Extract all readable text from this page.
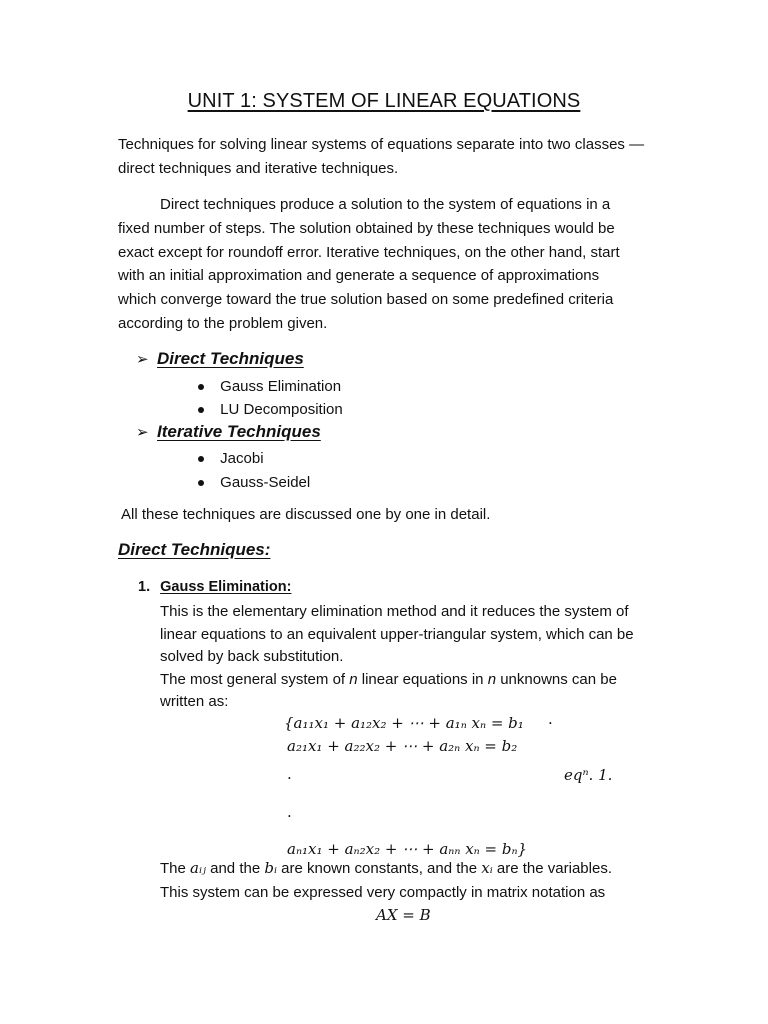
UNIT 1: SYSTEM OF LINEAR EQUATIONS
Techniques for solving linear systems of equations separate into two classes —
direct techniques and iterative techniques.
Direct techniques produce a solution to the system of equations in a
fixed number of steps. The solution obtained by these techniques would be
exact except for roundoff error. Iterative techniques, on the other hand, start
with an initial approximation and generate a sequence of approximations
which converge toward the true solution based on some predefined criteria
according to the problem given.
➢ Direct Techniques
Gauss Elimination
LU Decomposition
➢ Iterative Techniques
Jacobi
Gauss-Seidel
All these techniques are discussed one by one in detail.
Direct Techniques:
1. Gauss Elimination:
This is the elementary elimination method and it reduces the system of
linear equations to an equivalent upper-triangular system, which can be
solved by back substitution.
The most general system of n linear equations in n unknowns can be
written as:
{a₁₁x₁ + a₁₂x₂ + ⋯ + a₁ₙ xₙ = b₁ .
a₂₁x₁ + a₂₂x₂ + ⋯ + a₂ₙ xₙ = b₂
.	eqⁿ. 1.
.
aₙ₁x₁ + aₙ₂x₂ + ⋯ + aₙₙ xₙ = bₙ}
The aᵢⱼ and the bᵢ are known constants, and the xᵢ are the variables.
This system can be expressed very compactly in matrix notation as
AX = B
